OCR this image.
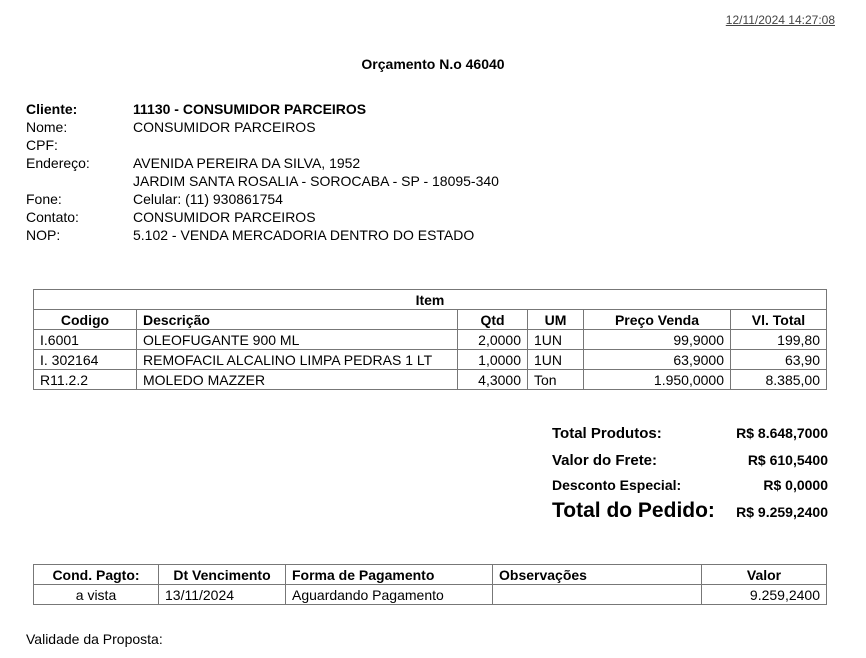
12/11/2024 14:27:08
Orçamento N.o 46040
Cliente:	11130 - CONSUMIDOR PARCEIROS
Nome:	CONSUMIDOR PARCEIROS
CPF:
Endereço:	AVENIDA PEREIRA DA SILVA, 1952
JARDIM SANTA ROSALIA - SOROCABA - SP - 18095-340
Fone:	Celular: (11) 930861754
Contato:	CONSUMIDOR PARCEIROS
NOP:	5.102 - VENDA MERCADORIA DENTRO DO ESTADO
Item					
Codigo	Descrição	Qtd	UM	Preço Venda	Vl. Total
I.6001	OLEOFUGANTE 900 ML	2,0000	1UN	99,9000	199,80
I. 302164	REMOFACIL ALCALINO LIMPA PEDRAS 1 LT	1,0000	1UN	63,9000	63,90
R11.2.2	MOLEDO MAZZER	4,3000	Ton	1.950,0000	8.385,00
Total Produtos:	R$ 8.648,7000
Valor do Frete:	R$ 610,5400
Desconto Especial:	R$ 0,0000
Total do Pedido: R$ 9.259,2400
Cond. Pagto:	Dt Vencimento	Forma de Pagamento	Observações	Valor
a vista	13/11/2024	Aguardando Pagamento		9.259,2400
Validade da Proposta:
